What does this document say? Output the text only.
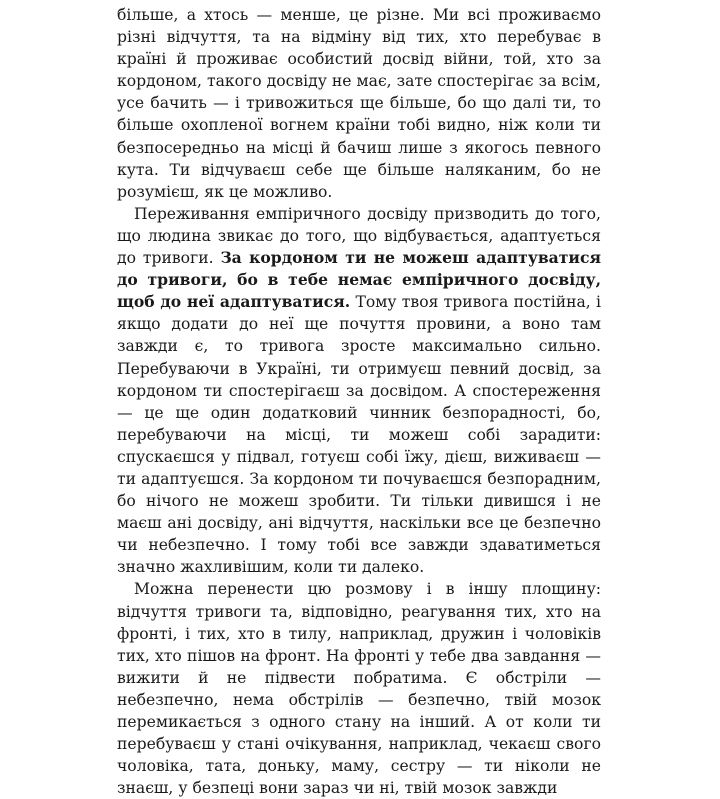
більше, а хтось — менше, це різне. Ми всі проживаємо різні відчуття, та на відміну від тих, хто перебуває в країні й проживає особистий досвід війни, той, хто за кордоном, такого досвіду не має, зате спостерігає за всім, усе бачить — і тривожиться ще більше, бо що далі ти, то більше охопленої вогнем країни тобі видно, ніж коли ти безпосередньо на місці й бачиш лише з якогось певного кута. Ти відчуваєш себе ще більше наляканим, бо не розумієш, як це можливо.

Переживання емпіричного досвіду призводить до того, що людина звикає до того, що відбувається, адаптується до тривоги. За кордоном ти не можеш адаптуватися до тривоги, бо в тебе немає емпіричного досвіду, щоб до неї адаптуватися. Тому твоя тривога постійна, і якщо додати до неї ще почуття провини, а воно там завжди є, то тривога зросте максимально сильно. Перебуваючи в Україні, ти отримуєш певний досвід, за кордоном ти спостерігаєш за досвідом. А спостереження — це ще один додатковий чинник безпорадності, бо, перебуваючи на місці, ти можеш собі зарадити: спускаєшся у підвал, готуєш собі їжу, дієш, виживаєш — ти адаптуєшся. За кордоном ти почуваєшся безпорадним, бо нічого не можеш зробити. Ти тільки дивишся і не маєш ані досвіду, ані відчуття, наскільки все це безпечно чи небезпечно. І тому тобі все завжди здаватиметься значно жахливішим, коли ти далеко.

Можна перенести цю розмову і в іншу площину: відчуття тривоги та, відповідно, реагування тих, хто на фронті, і тих, хто в тилу, наприклад, дружин і чоловіків тих, хто пішов на фронт. На фронті у тебе два завдання — вижити й не підвести побратима. Є обстріли — небезпечно, нема обстрілів — безпечно, твій мозок перемикається з одного стану на інший. А от коли ти перебуваєш у стані очікування, наприклад, чекаєш свого чоловіка, тата, доньку, маму, сестру — ти ніколи не знаєш, у безпеці вони зараз чи ні, твій мозок завжди
